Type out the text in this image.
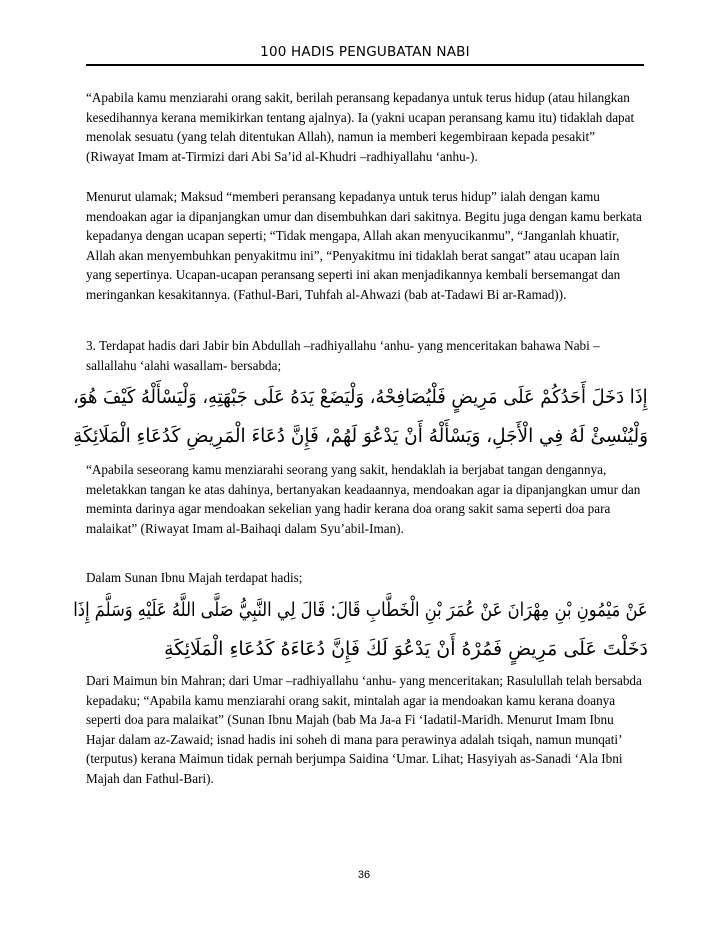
100 HADIS PENGUBATAN NABI

“Apabila kamu menziarahi orang sakit, berilah peransang kepadanya untuk terus hidup (atau hilangkan kesedihannya kerana memikirkan tentang ajalnya). Ia (yakni ucapan peransang kamu itu) tidaklah dapat menolak sesuatu (yang telah ditentukan Allah), namun ia memberi kegembiraan kepada pesakit” (Riwayat Imam at-Tirmizi dari Abi Sa’id al-Khudri –radhiyallahu ‘anhu-).

Menurut ulamak; Maksud “memberi peransang kepadanya untuk terus hidup” ialah dengan kamu mendoakan agar ia dipanjangkan umur dan disembuhkan dari sakitnya. Begitu juga dengan kamu berkata kepadanya dengan ucapan seperti; “Tidak mengapa, Allah akan menyucikanmu”, “Janganlah khuatir, Allah akan menyembuhkan penyakitmu ini”, “Penyakitmu ini tidaklah berat sangat” atau ucapan lain yang sepertinya. Ucapan-ucapan peransang seperti ini akan menjadikannya kembali bersemangat dan meringankan kesakitannya. (Fathul-Bari, Tuhfah al-Ahwazi (bab at-Tadawi Bi ar-Ramad)).

3. Terdapat hadis dari Jabir bin Abdullah –radhiyallahu ‘anhu- yang menceritakan bahawa Nabi –sallallahu ‘alahi wasallam- bersabda;

إِذَا دَخَلَ أَحَدُكُمْ عَلَى مَرِيضٍ فَلْيُصَافِحْهُ، وَلْيَضَعْ يَدَهُ عَلَى جَبْهَتِهِ، وَلْيَسْأَلْهُ كَيْفَ هُوَ،
وَلْيُنْسِئْ لَهُ فِي الْأَجَلِ، وَيَسْأَلْهُ أَنْ يَدْعُوَ لَهُمْ، فَإِنَّ دُعَاءَ الْمَرِيضِ كَدُعَاءِ الْمَلَائِكَةِ

“Apabila seseorang kamu menziarahi seorang yang sakit, hendaklah ia berjabat tangan dengannya, meletakkan tangan ke atas dahinya, bertanyakan keadaannya, mendoakan agar ia dipanjangkan umur dan meminta darinya agar mendoakan sekelian yang hadir kerana doa orang sakit sama seperti doa para malaikat” (Riwayat Imam al-Baihaqi dalam Syu’abil-Iman).

Dalam Sunan Ibnu Majah terdapat hadis;

عَنْ مَيْمُونِ بْنِ مِهْرَانَ عَنْ عُمَرَ بْنِ الْخَطَّابِ قَالَ: قَالَ لِي النَّبِيُّ صَلَّى اللَّهُ عَلَيْهِ وَسَلَّمَ إِذَا
دَخَلْتَ عَلَى مَرِيضٍ فَمُرْهُ أَنْ يَدْعُوَ لَكَ فَإِنَّ دُعَاءَهُ كَدُعَاءِ الْمَلَائِكَةِ

Dari Maimun bin Mahran; dari Umar –radhiyallahu ‘anhu- yang menceritakan; Rasulullah telah bersabda kepadaku; “Apabila kamu menziarahi orang sakit, mintalah agar ia mendoakan kamu kerana doanya seperti doa para malaikat” (Sunan Ibnu Majah (bab Ma Ja-a Fi ‘Iadatil-Maridh. Menurut Imam Ibnu Hajar dalam az-Zawaid; isnad hadis ini soheh di mana para perawinya adalah tsiqah, namun munqati’ (terputus) kerana Maimun tidak pernah berjumpa Saidina ‘Umar. Lihat; Hasyiyah as-Sanadi ‘Ala Ibni Majah dan Fathul-Bari).

36
